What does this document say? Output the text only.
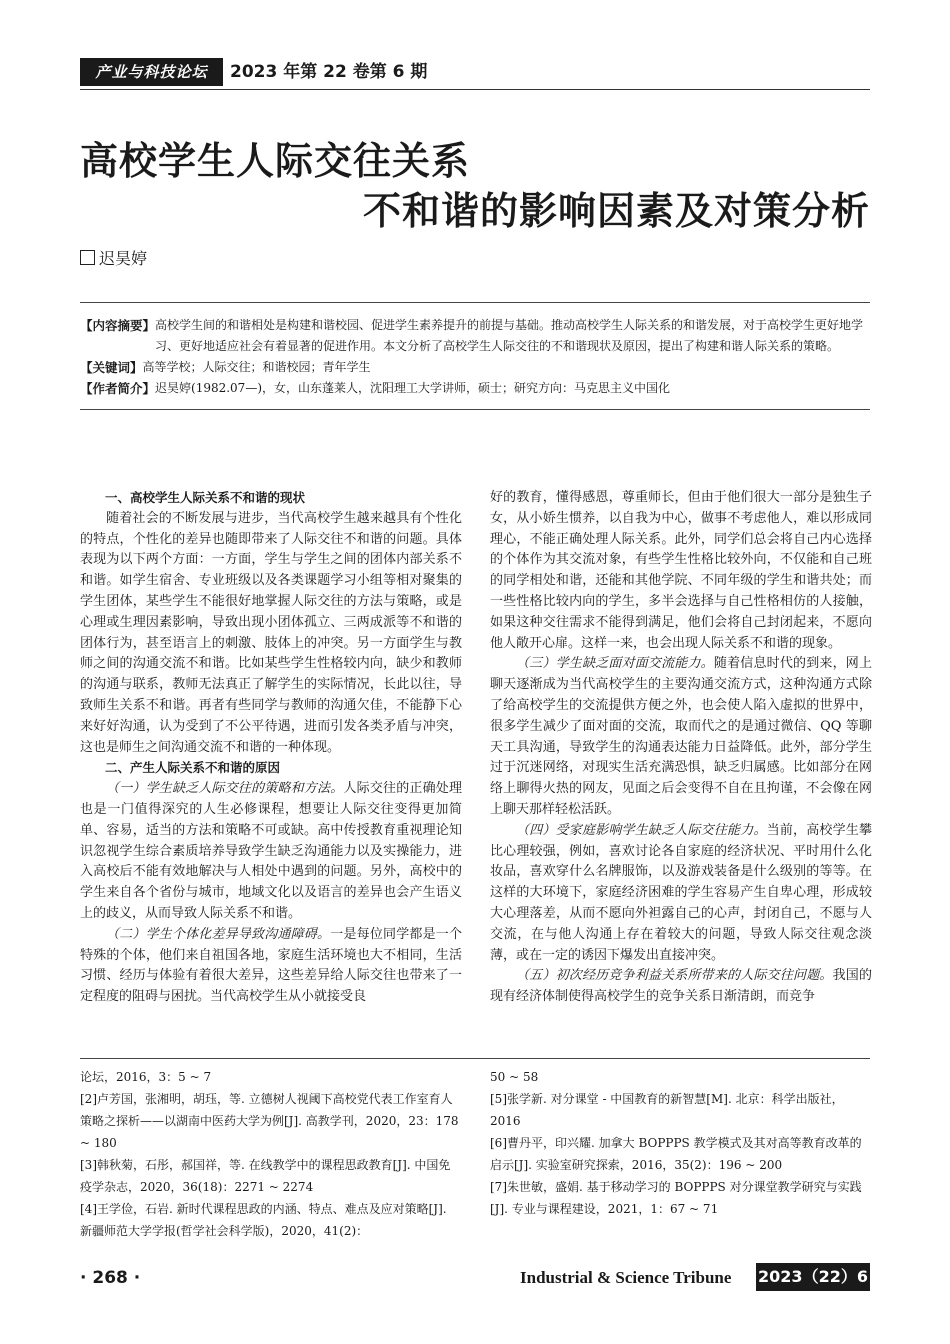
产业与科技论坛	2023 年第 22 卷第 6 期
高校学生人际交往关系
不和谐的影响因素及对策分析
迟昊婷
【内容摘要】 高校学生间的和谐相处是构建和谐校园、促进学生素养提升的前提与基础。推动高校学生人际关系的和谐发展，对于高校学生更好地学习、更好地适应社会有着显著的促进作用。本文分析了高校学生人际交往的不和谐现状及原因，提出了构建和谐人际关系的策略。
【关键词】 高等学校；人际交往；和谐校园；青年学生
【作者简介】 迟昊婷(1982.07—)，女，山东蓬莱人，沈阳理工大学讲师，硕士；研究方向：马克思主义中国化
一、高校学生人际关系不和谐的现状

随着社会的不断发展与进步，当代高校学生越来越具有个性化的特点，个性化的差异也随即带来了人际交往不和谐的问题。具体表现为以下两个方面：一方面，学生与学生之间的团体内部关系不和谐。如学生宿舍、专业班级以及各类课题学习小组等相对聚集的学生团体，某些学生不能很好地掌握人际交往的方法与策略，或是心理或生理因素影响，导致出现小团体孤立、三两成派等不和谐的团体行为，甚至语言上的刺激、肢体上的冲突。另一方面学生与教师之间的沟通交流不和谐。比如某些学生性格较内向，缺少和教师的沟通与联系，教师无法真正了解学生的实际情况，长此以往，导致师生关系不和谐。再者有些同学与教师的沟通欠佳，不能静下心来好好沟通，认为受到了不公平待遇，进而引发各类矛盾与冲突，这也是师生之间沟通交流不和谐的一种体现。

二、产生人际关系不和谐的原因

（一）学生缺乏人际交往的策略和方法。人际交往的正确处理也是一门值得深究的人生必修课程，想要让人际交往变得更加简单、容易，适当的方法和策略不可或缺。高中传授教育重视理论知识忽视学生综合素质培养导致学生缺乏沟通能力以及实操能力，进入高校后不能有效地解决与人相处中遇到的问题。另外，高校中的学生来自各个省份与城市，地域文化以及语言的差异也会产生语义上的歧义，从而导致人际关系不和谐。

（二）学生个体化差异导致沟通障碍。一是每位同学都是一个特殊的个体，他们来自祖国各地，家庭生活环境也大不相同，生活习惯、经历与体验有着很大差异，这些差异给人际交往也带来了一定程度的阻碍与困扰。当代高校学生从小就接受良

好的教育，懂得感恩，尊重师长，但由于他们很大一部分是独生子女，从小娇生惯养，以自我为中心，做事不考虑他人，难以形成同理心，不能正确处理人际关系。此外，同学们总会将自己内心选择的个体作为其交流对象，有些学生性格比较外向，不仅能和自己班的同学相处和谐，还能和其他学院、不同年级的学生和谐共处；而一些性格比较内向的学生，多半会选择与自己性格相仿的人接触，如果这种交往需求不能得到满足，他们会将自己封闭起来，不愿向他人敞开心扉。这样一来，也会出现人际关系不和谐的现象。

（三）学生缺乏面对面交流能力。随着信息时代的到来，网上聊天逐渐成为当代高校学生的主要沟通交流方式，这种沟通方式除了给高校学生的交流提供方便之外，也会使人陷入虚拟的世界中，很多学生减少了面对面的交流，取而代之的是通过微信、QQ 等聊天工具沟通，导致学生的沟通表达能力日益降低。此外，部分学生过于沉迷网络，对现实生活充满恐惧，缺乏归属感。比如部分在网络上聊得火热的网友，见面之后会变得不自在且拘谨，不会像在网上聊天那样轻松活跃。

（四）受家庭影响学生缺乏人际交往能力。当前，高校学生攀比心理较强，例如，喜欢讨论各自家庭的经济状况、平时用什么化妆品，喜欢穿什么名牌服饰，以及游戏装备是什么级别的等等。在这样的大环境下，家庭经济困难的学生容易产生自卑心理，形成较大心理落差，从而不愿向外袒露自己的心声，封闭自己，不愿与人交流，在与他人沟通上存在着较大的问题，导致人际交往观念淡薄，或在一定的诱因下爆发出直接冲突。

（五）初次经历竞争利益关系所带来的人际交往问题。我国的现有经济体制使得高校学生的竞争关系日渐清朗，而竞争

论坛，2016，3：5 ~ 7
[2]卢芳国，张湘明，胡珏，等. 立德树人视阈下高校党代表工作室育人策略之探析——以湖南中医药大学为例[J]. 高教学刊，2020，23：178 ~ 180
[3]韩秋菊，石彤，郝国祥，等. 在线教学中的课程思政教育[J]. 中国免疫学杂志，2020，36(18)：2271 ~ 2274
[4]王学俭，石岩. 新时代课程思政的内涵、特点、难点及应对策略[J]. 新疆师范大学学报(哲学社会科学版)，2020，41(2)：
50 ~ 58
[5]张学新. 对分课堂 - 中国教育的新智慧[M]. 北京：科学出版社，2016
[6]曹丹平，印兴耀. 加拿大 BOPPPS 教学模式及其对高等教育改革的启示[J]. 实验室研究探索，2016，35(2)：196 ~ 200
[7]朱世敏，盛娟. 基于移动学习的 BOPPPS 对分课堂教学研究与实践[J]. 专业与课程建设，2021，1：67 ~ 71
· 268 ·	Industrial & Science Tribune 2023（22）6
